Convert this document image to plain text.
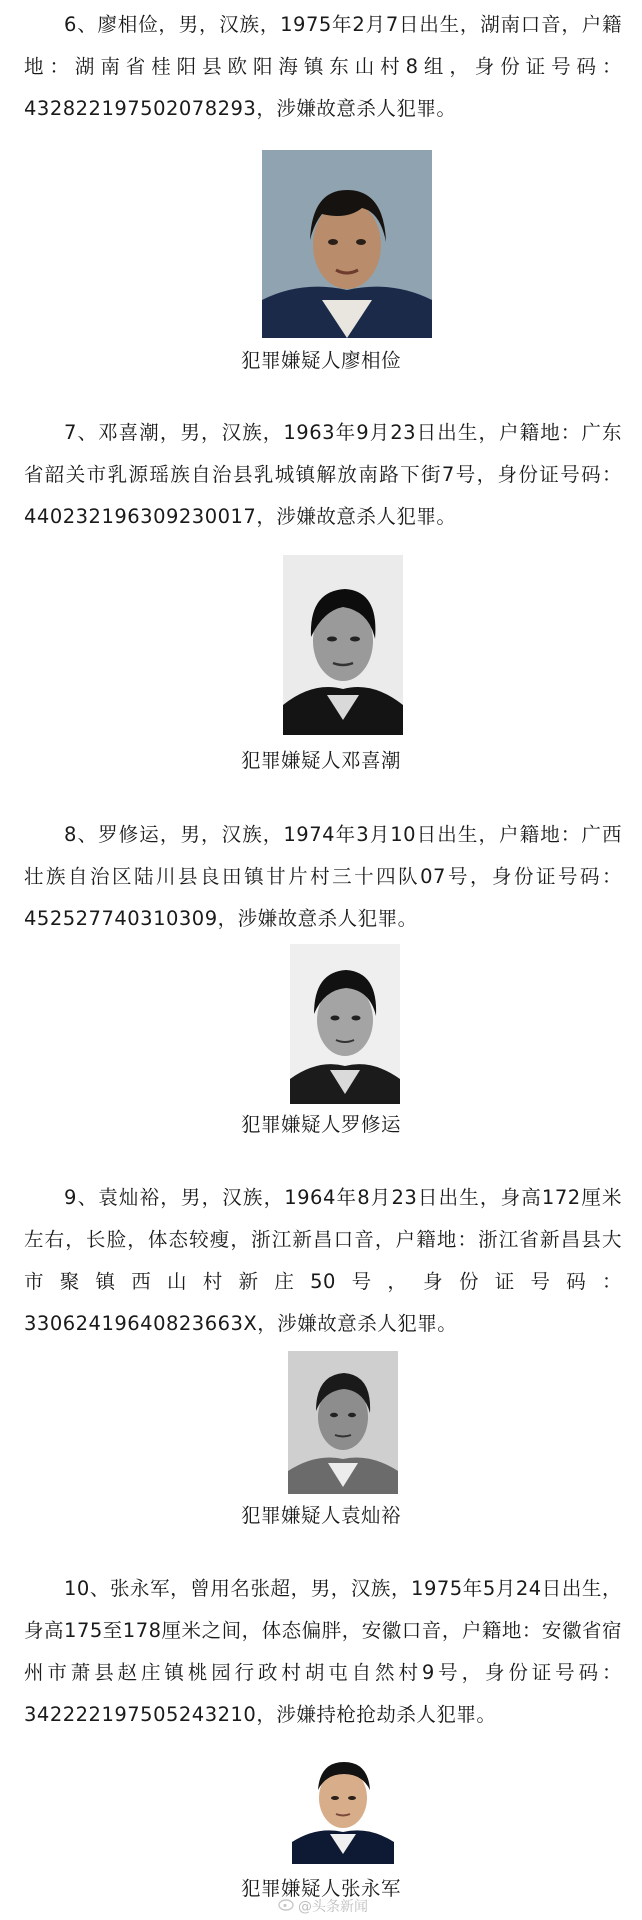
6、廖相俭，男，汉族，1975年2月7日出生，湖南口音，户籍地：湖南省桂阳县欧阳海镇东山村8组，身份证号码：432822197502078293，涉嫌故意杀人犯罪。

犯罪嫌疑人廖相俭

7、邓喜潮，男，汉族，1963年9月23日出生，户籍地：广东省韶关市乳源瑶族自治县乳城镇解放南路下街7号，身份证号码：440232196309230017，涉嫌故意杀人犯罪。

犯罪嫌疑人邓喜潮

8、罗修运，男，汉族，1974年3月10日出生，户籍地：广西壮族自治区陆川县良田镇甘片村三十四队07号，身份证号码：452527740310309，涉嫌故意杀人犯罪。

犯罪嫌疑人罗修运

9、袁灿裕，男，汉族，1964年8月23日出生，身高172厘米左右，长脸，体态较瘦，浙江新昌口音，户籍地：浙江省新昌县大市聚镇西山村新庄50号，身份证号码：33062419640823663X，涉嫌故意杀人犯罪。

犯罪嫌疑人袁灿裕

10、张永军，曾用名张超，男，汉族，1975年5月24日出生，身高175至178厘米之间，体态偏胖，安徽口音，户籍地：安徽省宿州市萧县赵庄镇桃园行政村胡屯自然村9号，身份证号码：342222197505243210，涉嫌持枪抢劫杀人犯罪。

犯罪嫌疑人张永军
@头条新闻
